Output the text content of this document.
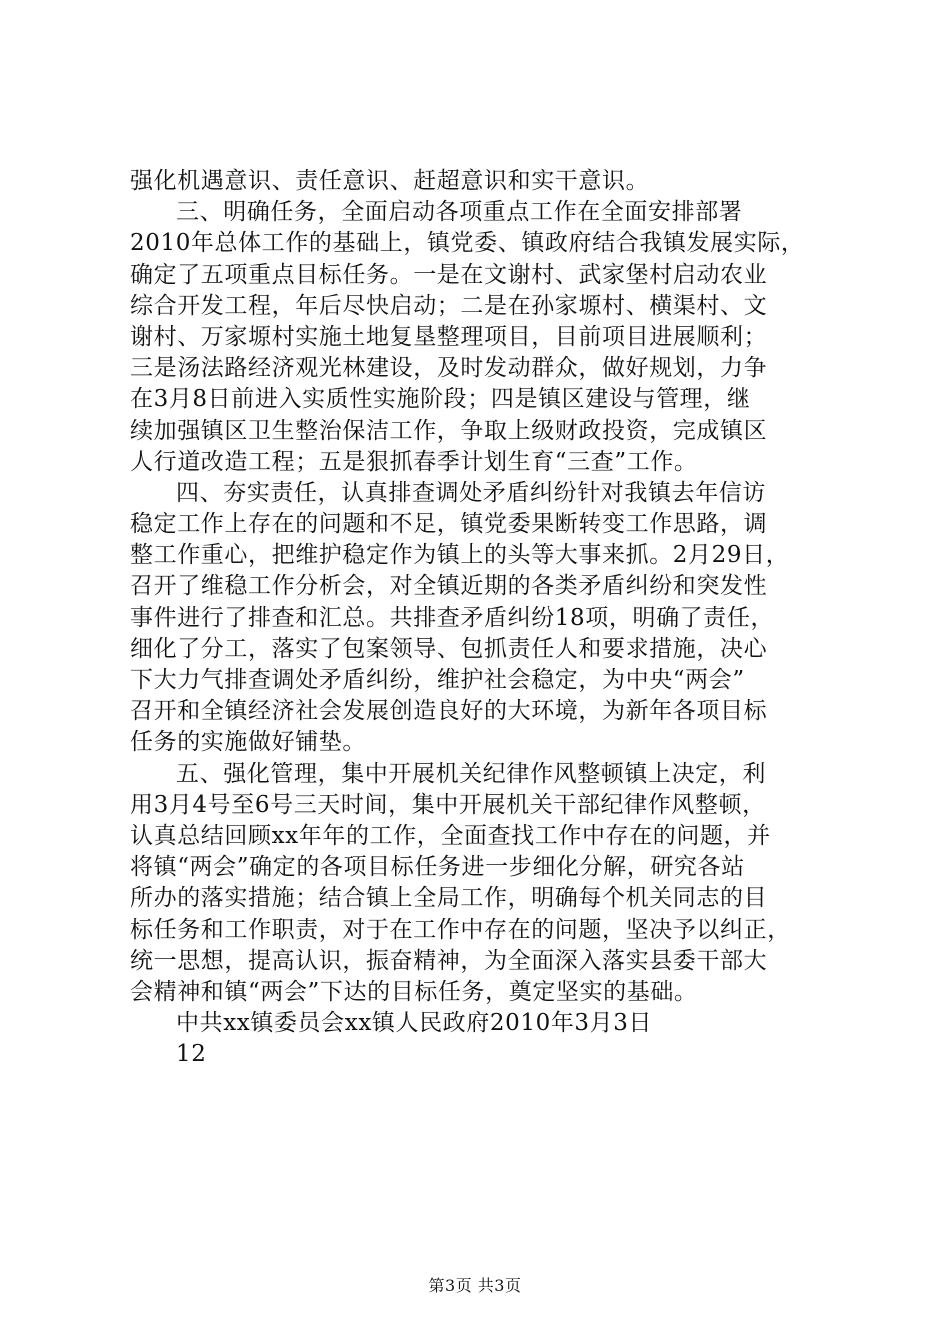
强化机遇意识、责任意识、赶超意识和实干意识。
三、明确任务，全面启动各项重点工作在全面安排部署
2010年总体工作的基础上，镇党委、镇政府结合我镇发展实际，
确定了五项重点目标任务。一是在文谢村、武家堡村启动农业
综合开发工程，年后尽快启动；二是在孙家塬村、横渠村、文
谢村、万家塬村实施土地复垦整理项目，目前项目进展顺利；
三是汤法路经济观光林建设，及时发动群众，做好规划，力争
在3月8日前进入实质性实施阶段；四是镇区建设与管理，继
续加强镇区卫生整治保洁工作，争取上级财政投资，完成镇区
人行道改造工程；五是狠抓春季计划生育“三查”工作。
四、夯实责任，认真排查调处矛盾纠纷针对我镇去年信访
稳定工作上存在的问题和不足，镇党委果断转变工作思路，调
整工作重心，把维护稳定作为镇上的头等大事来抓。2月29日，
召开了维稳工作分析会，对全镇近期的各类矛盾纠纷和突发性
事件进行了排查和汇总。共排查矛盾纠纷18项，明确了责任，
细化了分工，落实了包案领导、包抓责任人和要求措施，决心
下大力气排查调处矛盾纠纷，维护社会稳定，为中央“两会”
召开和全镇经济社会发展创造良好的大环境，为新年各项目标
任务的实施做好铺垫。
五、强化管理，集中开展机关纪律作风整顿镇上决定，利
用3月4号至6号三天时间，集中开展机关干部纪律作风整顿，
认真总结回顾xx年年的工作，全面查找工作中存在的问题，并
将镇“两会”确定的各项目标任务进一步细化分解，研究各站
所办的落实措施；结合镇上全局工作，明确每个机关同志的目
标任务和工作职责，对于在工作中存在的问题，坚决予以纠正，
统一思想，提高认识，振奋精神，为全面深入落实县委干部大
会精神和镇“两会”下达的目标任务，奠定坚实的基础。
中共xx镇委员会xx镇人民政府2010年3月3日
12
第3页 共3页
